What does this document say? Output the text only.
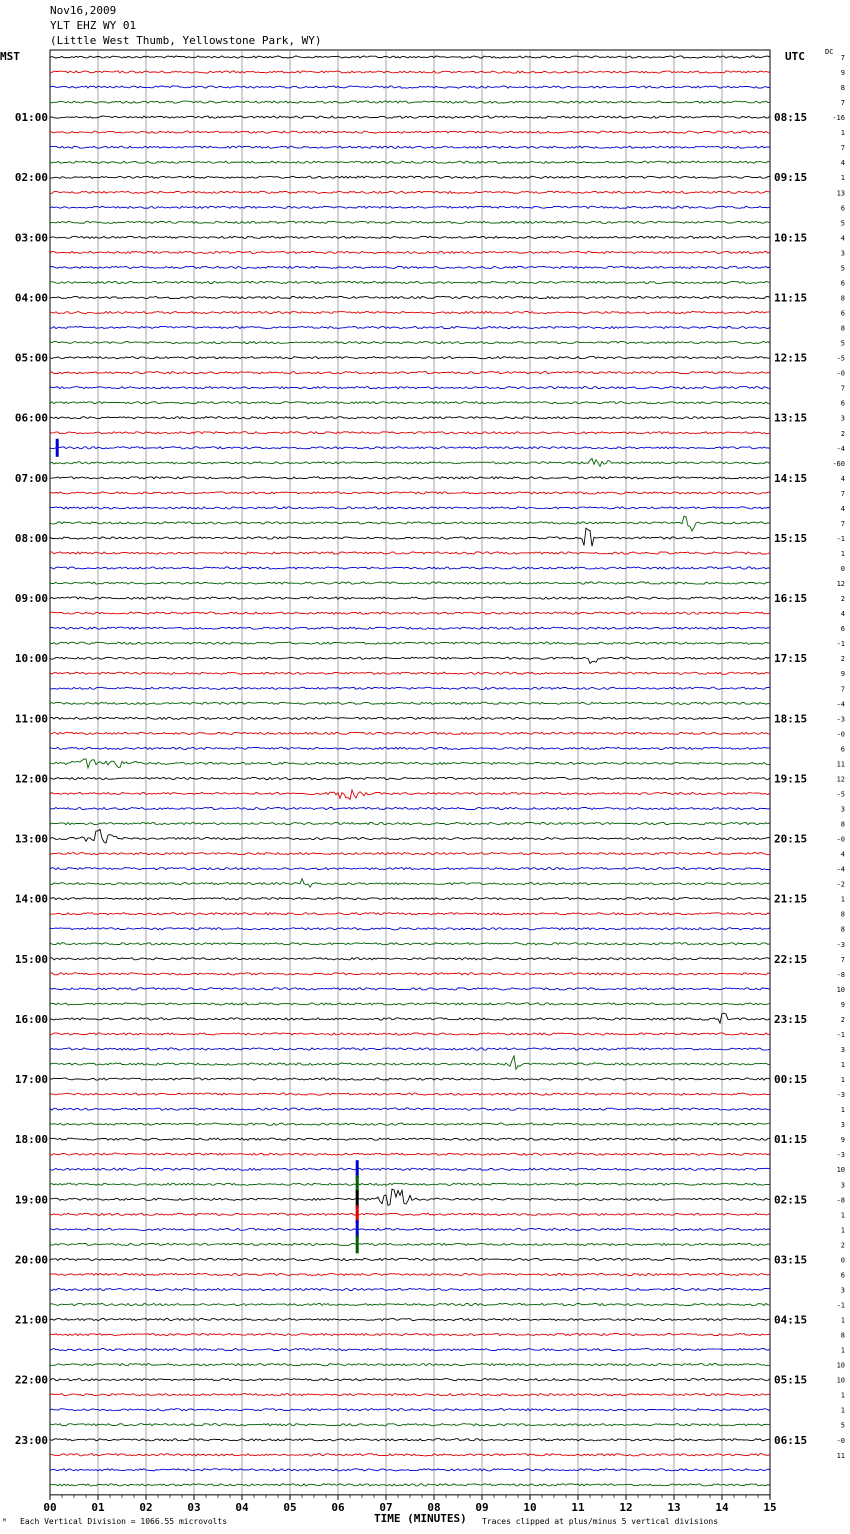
Nov16,2009
YLT EHZ WY 01
(Little West Thumb, Yellowstone Park, WY)
MST	UTC	DC
7
9
8
7
-16
1
7
4
1
13
6
5
4
3
5
6
8
6
8
5
-5
-0
7
6
3
2
-4
-60
4
7
4
7
-1
1
0
12
2
4
6
-1
2
9
7
-4
-3
-0
6
11
12
-5
3
8
-0
4
-4
-2
1
8
8
-3
7
-8
10
9
2
-1
3
1
1
-3
1
3
9
-3
10
3
-8
1
1
2
0
6
3
-1
1
8
1
10
10
1
1
5
-0
11
01:00
02:00
03:00
04:00
05:00
06:00
07:00
08:00
09:00
10:00
11:00
12:00
13:00
14:00
15:00
16:00
17:00
18:00
19:00
20:00
21:00
22:00
23:00
08:15
09:15
10:15
11:15
12:15
13:15
14:15
15:15
16:15
17:15
18:15
19:15
20:15
21:15
22:15
23:15
00:15
01:15
02:15
03:15
04:15
05:15
06:15
00	01	02	03	04	05	06	07	08	09	10	11	12	13	14	15
TIME (MINUTES)
ᴹ Each Vertical Division = 1066.55 microvolts	Traces clipped at plus/minus 5 vertical divisions
